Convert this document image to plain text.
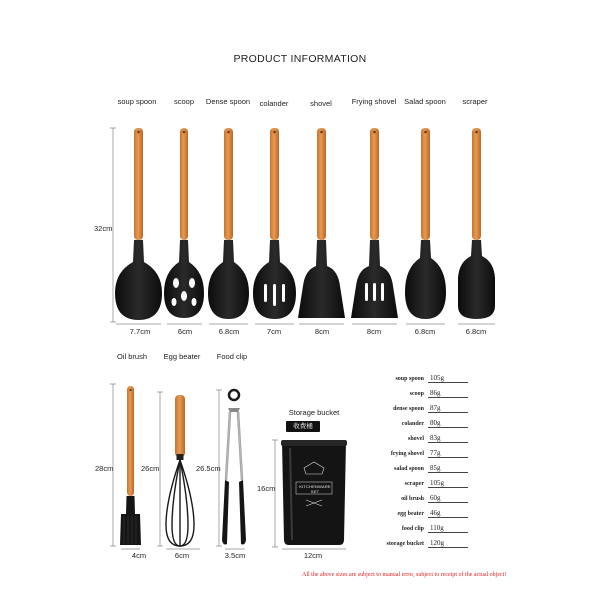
PRODUCT INFORMATION
soup spoon scoop Dense spoon colander	shovel	Frying shovel Salad spoon scraper
32cm
7.7cm	6cm	6.8cm	7cm	8cm	8cm	6.8cm	6.8cm
Oil brush Egg beater Food clip
28cm	26cm	26.5cm
4cm	6cm	3.5cm
Storage bucket
收费桶
16cm
12cm
soup spoon 105g
scoop 86g
dense spoon 87g
colander 80g
shovel 83g
frying shovel 77g
salad spoon 85g
scraper 105g
oil brush 60g
egg beater 46g
food clip 110g
storage bucket 120g
All the above sizes are subject to manual error, subject to receipt of the actual object!
KITCHENWARE SET
